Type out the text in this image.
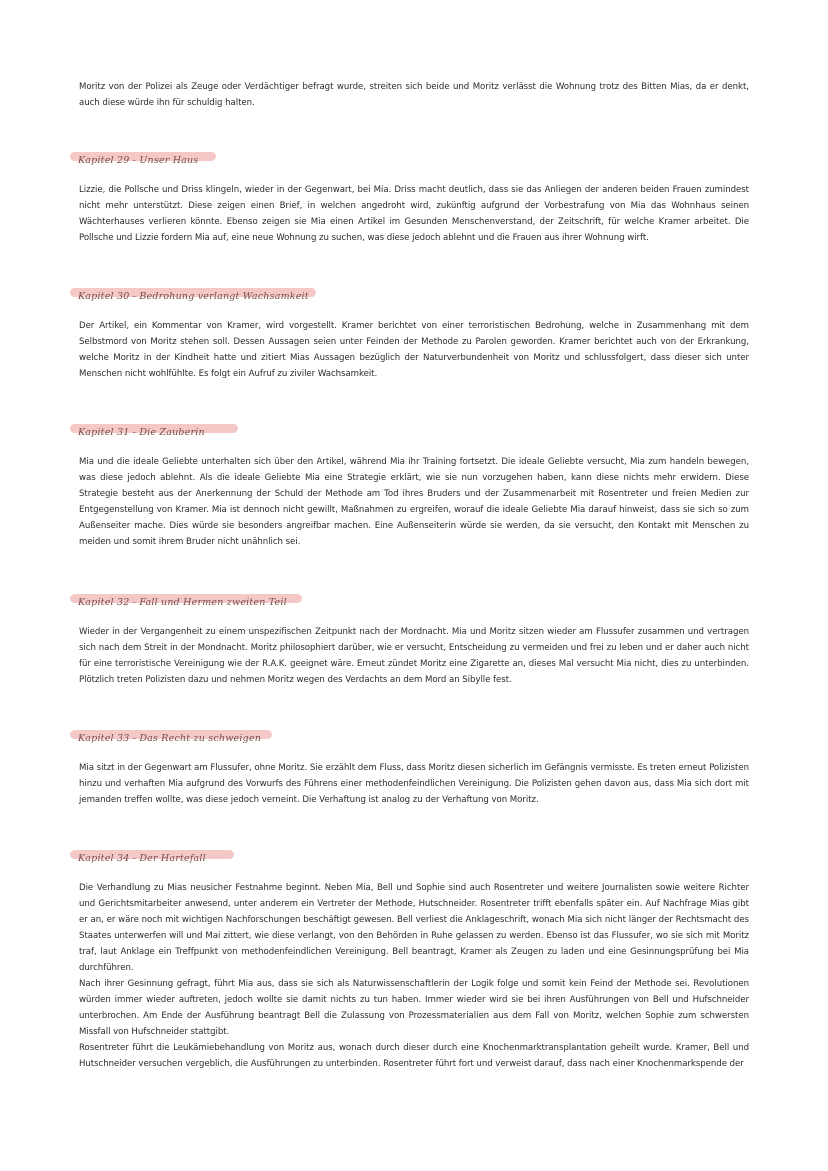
Moritz von der Polizei als Zeuge oder Verdächtiger befragt wurde, streiten sich beide und Moritz verlässt die Wohnung trotz des Bitten Mias, da er denkt, auch diese würde ihn für schuldig halten.

Kapitel 29 - Unser Haus

Lizzie, die Pollsche und Driss klingeln, wieder in der Gegenwart, bei Mia. Driss macht deutlich, dass sie das Anliegen der anderen beiden Frauen zumindest nicht mehr unterstützt. Diese zeigen einen Brief, in welchen angedroht wird, zukünftig aufgrund der Vorbestrafung von Mia das Wohnhaus seinen Wächterhauses verlieren könnte. Ebenso zeigen sie Mia einen Artikel im Gesunden Menschenverstand, der Zeitschrift, für welche Kramer arbeitet. Die Pollsche und Lizzie fordern Mia auf, eine neue Wohnung zu suchen, was diese jedoch ablehnt und die Frauen aus ihrer Wohnung wirft.

Kapitel 30 - Bedrohung verlangt Wachsamkeit

Der Artikel, ein Kommentar von Kramer, wird vorgestellt. Kramer berichtet von einer terroristischen Bedrohung, welche in Zusammenhang mit dem Selbstmord von Moritz stehen soll. Dessen Aussagen seien unter Feinden der Methode zu Parolen geworden. Kramer berichtet auch von der Erkrankung, welche Moritz in der Kindheit hatte und zitiert Mias Aussagen bezüglich der Naturverbundenheit von Moritz und schlussfolgert, dass dieser sich unter Menschen nicht wohlfühlte. Es folgt ein Aufruf zu ziviler Wachsamkeit.

Kapitel 31 - Die Zauberin

Mia und die ideale Geliebte unterhalten sich über den Artikel, während Mia ihr Training fortsetzt. Die ideale Geliebte versucht, Mia zum handeln bewegen, was diese jedoch ablehnt. Als die ideale Geliebte Mia eine Strategie erklärt, wie sie nun vorzugehen haben, kann diese nichts mehr erwidern. Diese Strategie besteht aus der Anerkennung der Schuld der Methode am Tod ihres Bruders und der Zusammenarbeit mit Rosentreter und freien Medien zur Entgegenstellung von Kramer. Mia ist dennoch nicht gewillt, Maßnahmen zu ergreifen, worauf die ideale Geliebte Mia darauf hinweist, dass sie sich so zum Außenseiter mache. Dies würde sie besonders angreifbar machen. Eine Außenseiterin würde sie werden, da sie versucht, den Kontakt mit Menschen zu meiden und somit ihrem Bruder nicht unähnlich sei.

Kapitel 32 - Fall und Hermen zweiten Teil

Wieder in der Vergangenheit zu einem unspezifischen Zeitpunkt nach der Mordnacht. Mia und Moritz sitzen wieder am Flussufer zusammen und vertragen sich nach dem Streit in der Mondnacht. Moritz philosophiert darüber, wie er versucht, Entscheidung zu vermeiden und frei zu leben und er daher auch nicht für eine terroristische Vereinigung wie der R.A.K. geeignet wäre. Erneut zündet Moritz eine Zigarette an, dieses Mal versucht Mia nicht, dies zu unterbinden. Plötzlich treten Polizisten dazu und nehmen Moritz wegen des Verdachts an dem Mord an Sibylle fest.

Kapitel 33 - Das Recht zu schweigen

Mia sitzt in der Gegenwart am Flussufer, ohne Moritz. Sie erzählt dem Fluss, dass Moritz diesen sicherlich im Gefängnis vermisste. Es treten erneut Polizisten hinzu und verhaften Mia aufgrund des Vorwurfs des Führens einer methodenfeindlichen Vereinigung. Die Polizisten gehen davon aus, dass Mia sich dort mit jemanden treffen wollte, was diese jedoch verneint. Die Verhaftung ist analog zu der Verhaftung von Moritz.

Kapitel 34 - Der Hartefall

Die Verhandlung zu Mias neusicher Festnahme beginnt. Neben Mia, Bell und Sophie sind auch Rosentreter und weitere Journalisten sowie weitere Richter und Gerichtsmitarbeiter anwesend, unter anderem ein Vertreter der Methode, Hutschneider. Rosentreter trifft ebenfalls später ein. Auf Nachfrage Mias gibt er an, er wäre noch mit wichtigen Nachforschungen beschäftigt gewesen. Bell verliest die Anklageschrift, wonach Mia sich nicht länger der Rechtsmacht des Staates unterwerfen will und Mai zittert, wie diese verlangt, von den Behörden in Ruhe gelassen zu werden. Ebenso ist das Flussufer, wo sie sich mit Moritz traf, laut Anklage ein Treffpunkt von methodenfeindlichen Vereinigung. Bell beantragt, Kramer als Zeugen zu laden und eine Gesinnungsprüfung bei Mia durchführen.

Nach ihrer Gesinnung gefragt, führt Mia aus, dass sie sich als Naturwissenschaftlerin der Logik folge und somit kein Feind der Methode sei. Revolutionen würden immer wieder auftreten, jedoch wollte sie damit nichts zu tun haben. Immer wieder wird sie bei ihren Ausführungen von Bell und Hufschneider unterbrochen. Am Ende der Ausführung beantragt Bell die Zulassung von Prozessmaterialien aus dem Fall von Moritz, welchen Sophie zum schwersten Missfall von Hufschneider stattgibt.

Rosentreter führt die Leukämiebehandlung von Moritz aus, wonach durch dieser durch eine Knochenmarktransplantation geheilt wurde. Kramer, Bell und Hutschneider versuchen vergeblich, die Ausführungen zu unterbinden. Rosentreter führt fort und verweist darauf, dass nach einer Knochenmarkspende der
